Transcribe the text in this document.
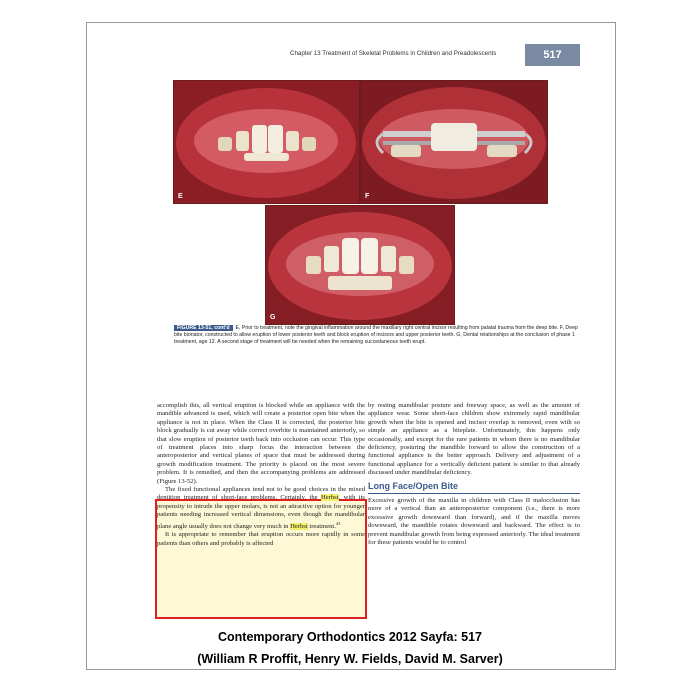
Chapter 13 Treatment of Skeletal Problems in Children and Preadolescents	517
E	F
G
FIGURE 13-51, cont'd E, Prior to treatment, note the gingival inflammation around the maxillary right central incisor resulting from palatal trauma from the deep bite. F, Deep bite bionator, constructed to allow eruption of lower posterior teeth and block eruption of incisors and upper posterior teeth. G, Dental relationships at the conclusion of phase 1 treatment, age 12. A second stage of treatment will be needed when the remaining succedaneous teeth erupt.

accomplish this, all vertical eruption is blocked while an appliance with the mandible advanced is used, which will create a posterior open bite when the appliance is not in place. When the Class II is corrected, the posterior bite block gradually is cut away while correct overbite is maintained anteriorly, so that slow eruption of posterior teeth back into occlusion can occur. This type of treatment places into sharp focus the interaction between the anteroposterior and vertical planes of space that must be addressed during growth modification treatment. The priority is placed on the most severe problem. It is remedied, and then the accompanying problems are addressed (Figure 13-52).

The fixed functional appliances tend not to be good choices in the mixed dentition treatment of short-face problems. Certainly, the Herbst, with its propensity to intrude the upper molars, is not an attractive option for younger patients needing increased vertical dimensions, even though the mandibular plane angle usually does not change very much in Herbst treatment.$^{43}$

It is appropriate to remember that eruption occurs more rapidly in some patients than others and probably is affected

by resting mandibular posture and freeway space, as well as the amount of appliance wear. Some short-face children show extremely rapid mandibular growth when the bite is opened and incisor overlap is removed, even with so simple an appliance as a biteplate. Unfortunately, this happens only occasionally, and except for the rare patients in whom there is no mandibular deficiency, posturing the mandible forward to allow the construction of a functional appliance is the better approach. Delivery and adjustment of a functional appliance for a vertically deficient patient is similar to that already discussed under mandibular deficiency.

Long Face/Open Bite

Excessive growth of the maxilla in children with Class II malocclusion has more of a vertical than an anteroposterior component (i.e., there is more excessive growth downward than forward), and if the maxilla moves downward, the mandible rotates downward and backward. The effect is to prevent mandibular growth from being expressed anteriorly. The ideal treatment for these patients would be to control

Contemporary Orthodontics 2012 Sayfa: 517
(William R Proffit, Henry W. Fields, David M. Sarver)
